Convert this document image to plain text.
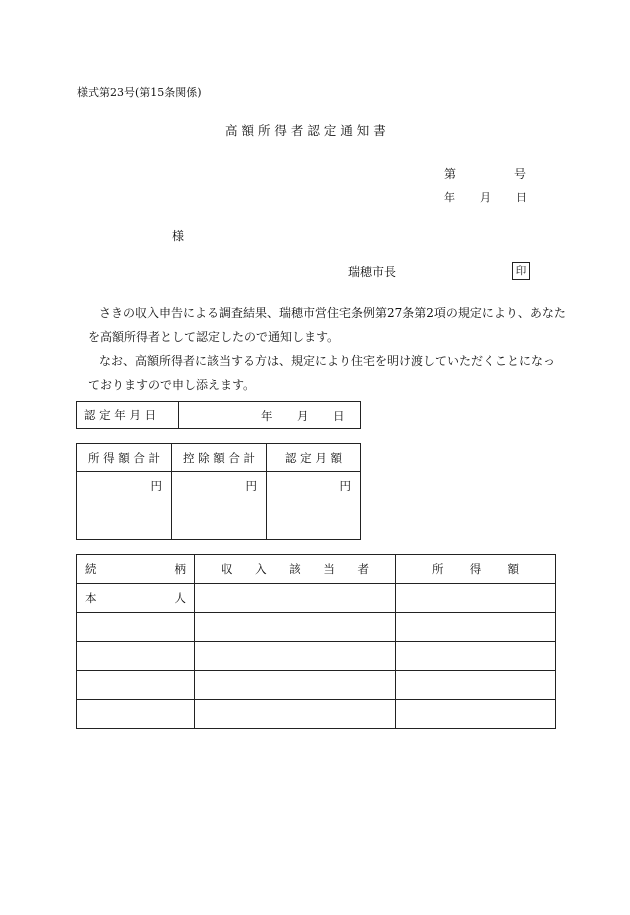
様式第23号(第15条関係)
高 額 所 得 者 認 定 通 知 書
第	号
年 月 日
様
瑞穂市長	印
さきの収入申告による調査結果、瑞穂市営住宅条例第27条第2項の規定により、あなた
を高額所得者として認定したので通知します。
なお、高額所得者に該当する方は、規定により住宅を明け渡していただくことになっ
ておりますので申し添えます。
認 定 年 月 日	年 月 日
所 得 額 合 計	控 除 額 合 計	認 定 月 額
円	円	円
続 柄	収 入 該 当 者	所 得 額

本 人		
